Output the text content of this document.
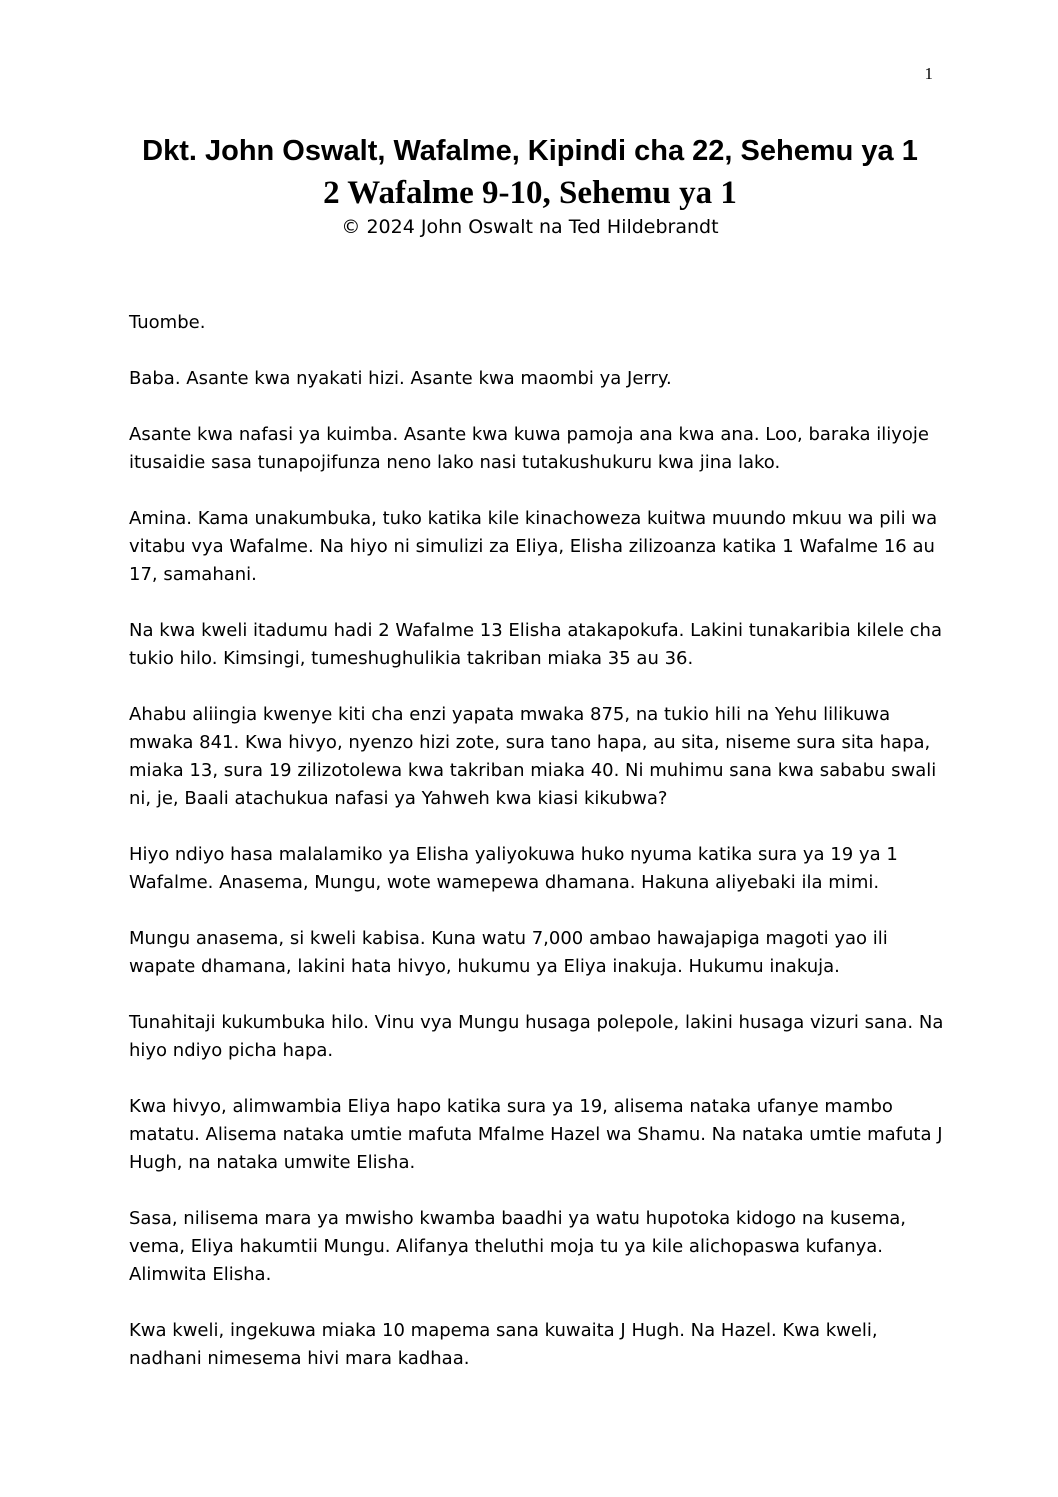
1
Dkt. John Oswalt, Wafalme, Kipindi cha 22, Sehemu ya 1
2 Wafalme 9-10, Sehemu ya 1

© 2024 John Oswalt na Ted Hildebrandt

Tuombe.

Baba. Asante kwa nyakati hizi. Asante kwa maombi ya Jerry.

Asante kwa nafasi ya kuimba. Asante kwa kuwa pamoja ana kwa ana. Loo, baraka iliyoje itusaidie sasa tunapojifunza neno lako nasi tutakushukuru kwa jina lako.

Amina. Kama unakumbuka, tuko katika kile kinachoweza kuitwa muundo mkuu wa pili wa vitabu vya Wafalme. Na hiyo ni simulizi za Eliya, Elisha zilizoanza katika 1 Wafalme 16 au 17, samahani.

Na kwa kweli itadumu hadi 2 Wafalme 13 Elisha atakapokufa. Lakini tunakaribia kilele cha tukio hilo. Kimsingi, tumeshughulikia takriban miaka 35 au 36.

Ahabu aliingia kwenye kiti cha enzi yapata mwaka 875, na tukio hili na Yehu lilikuwa mwaka 841. Kwa hivyo, nyenzo hizi zote, sura tano hapa, au sita, niseme sura sita hapa, miaka 13, sura 19 zilizotolewa kwa takriban miaka 40. Ni muhimu sana kwa sababu swali ni, je, Baali atachukua nafasi ya Yahweh kwa kiasi kikubwa?

Hiyo ndiyo hasa malalamiko ya Elisha yaliyokuwa huko nyuma katika sura ya 19 ya 1 Wafalme. Anasema, Mungu, wote wamepewa dhamana. Hakuna aliyebaki ila mimi.

Mungu anasema, si kweli kabisa. Kuna watu 7,000 ambao hawajapiga magoti yao ili wapate dhamana, lakini hata hivyo, hukumu ya Eliya inakuja. Hukumu inakuja.

Tunahitaji kukumbuka hilo. Vinu vya Mungu husaga polepole, lakini husaga vizuri sana. Na hiyo ndiyo picha hapa.

Kwa hivyo, alimwambia Eliya hapo katika sura ya 19, alisema nataka ufanye mambo matatu. Alisema nataka umtie mafuta Mfalme Hazel wa Shamu. Na nataka umtie mafuta J Hugh, na nataka umwite Elisha.

Sasa, nilisema mara ya mwisho kwamba baadhi ya watu hupotoka kidogo na kusema, vema, Eliya hakumtii Mungu. Alifanya theluthi moja tu ya kile alichopaswa kufanya. Alimwita Elisha.

Kwa kweli, ingekuwa miaka 10 mapema sana kuwaita J Hugh. Na Hazel. Kwa kweli, nadhani nimesema hivi mara kadhaa.
